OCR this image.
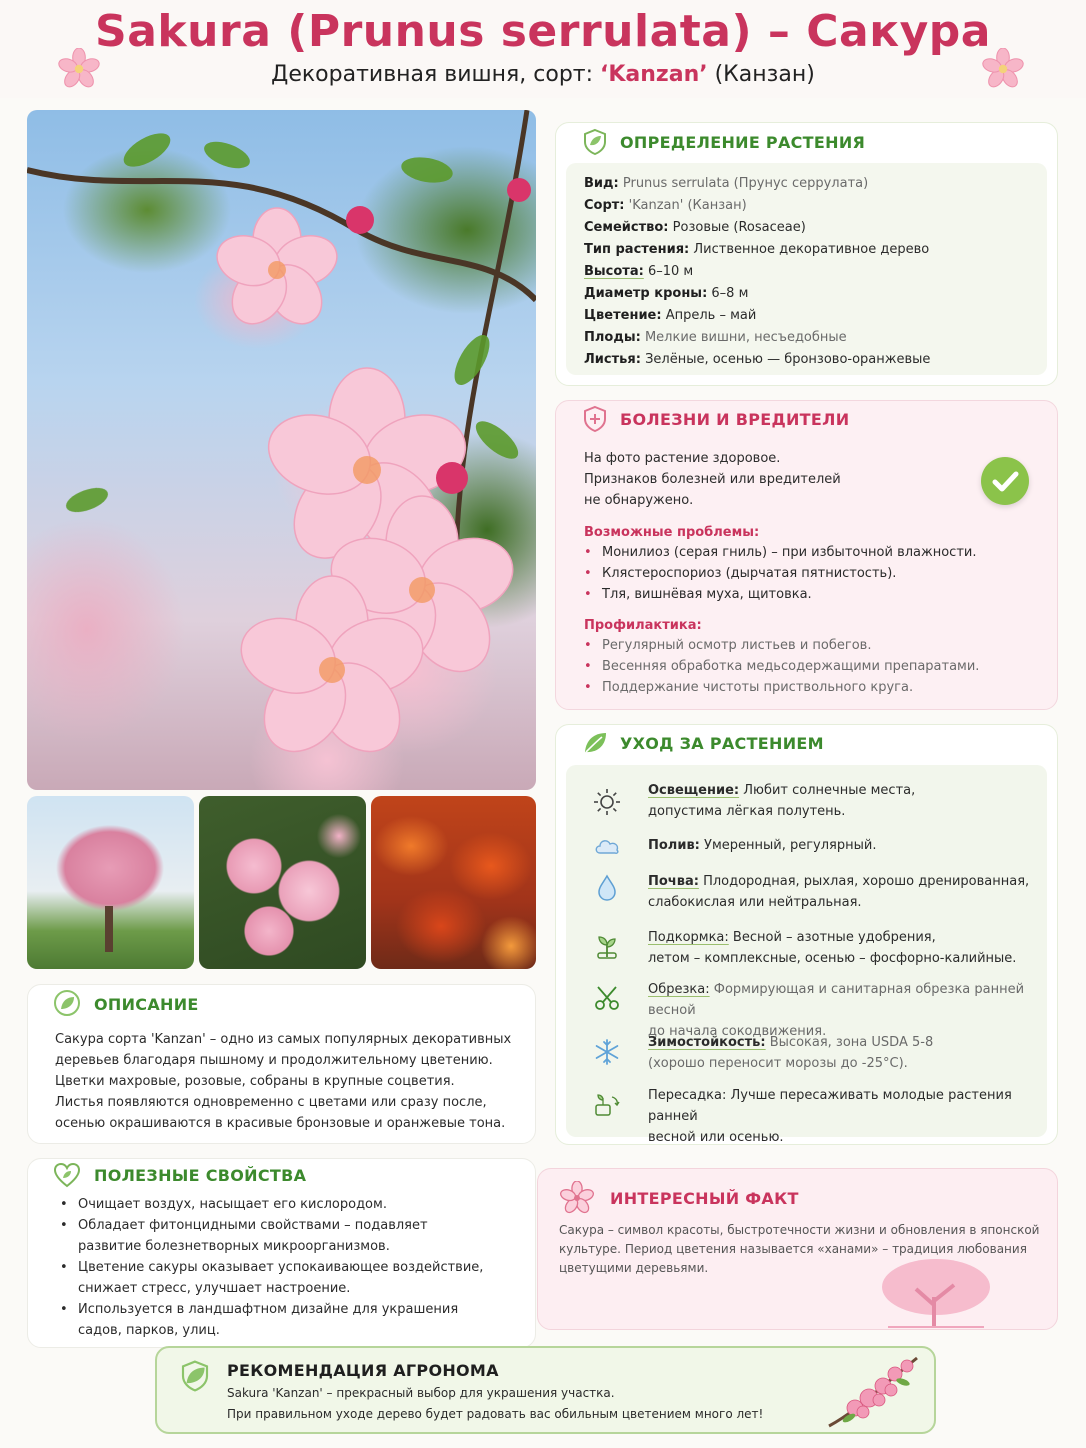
Sakura (Prunus serrulata) – Сакура
Декоративная вишня, сорт: ‘Kanzan’ (Канзан)
ОПРЕДЕЛЕНИЕ РАСТЕНИЯ
Вид: Prunus serrulata (Прунус серрулата)
Сорт: 'Kanzan' (Канзан)
Семейство: Розовые (Rosaceae)
Тип растения: Лиственное декоративное дерево
Высота: 6–10 м
Диаметр кроны: 6–8 м
Цветение: Апрель – май
Плоды: Мелкие вишни, несъедобные
Листья: Зелёные, осенью — бронзово-оранжевые
БОЛЕЗНИ И ВРЕДИТЕЛИ
На фото растение здоровое.
Признаков болезней или вредителей
не обнаружено.
Возможные проблемы:
• Монилиоз (серая гниль) – при избыточной влажности.
• Клястероспориоз (дырчатая пятнистость).
• Тля, вишнёвая муха, щитовка.
Профилактика:
• Регулярный осмотр листьев и побегов.
• Весенняя обработка медьсодержащими препаратами.
• Поддержание чистоты приствольного круга.
УХОД ЗА РАСТЕНИЕМ
Освещение: Любит солнечные места,
допустима лёгкая полутень.
Полив: Умеренный, регулярный.
Почва: Плодородная, рыхлая, хорошо дренированная,
слабокислая или нейтральная.
Подкормка: Весной – азотные удобрения,
летом – комплексные, осенью – фосфорно-калийные.
Обрезка: Формирующая и санитарная обрезка ранней весной
до начала сокодвижения.
Зимостойкость: Высокая, зона USDA 5-8
(хорошо переносит морозы до -25°C).
Пересадка: Лучше пересаживать молодые растения ранней
весной или осенью.
ОПИСАНИЕ
Сакура сорта 'Kanzan' – одно из самых популярных декоративных
деревьев благодаря пышному и продолжительному цветению.
Цветки махровые, розовые, собраны в крупные соцветия.
Листья появляются одновременно с цветами или сразу после,
осенью окрашиваются в красивые бронзовые и оранжевые тона.
ПОЛЕЗНЫЕ СВОЙСТВА
• Очищает воздух, насыщает его кислородом.
• Обладает фитонцидными свойствами – подавляет
развитие болезнетворных микроорганизмов.
• Цветение сакуры оказывает успокаивающее воздействие,
снижает стресс, улучшает настроение.
• Используется в ландшафтном дизайне для украшения
садов, парков, улиц.
ИНТЕРЕСНЫЙ ФАКТ
Сакура – символ красоты, быстротечности жизни и обновления в японской
культуре. Период цветения называется «ханами» – традиция любования
цветущими деревьями.
РЕКОМЕНДАЦИЯ АГРОНОМА
Sakura 'Kanzan' – прекрасный выбор для украшения участка.
При правильном уходе дерево будет радовать вас обильным цветением много лет!
